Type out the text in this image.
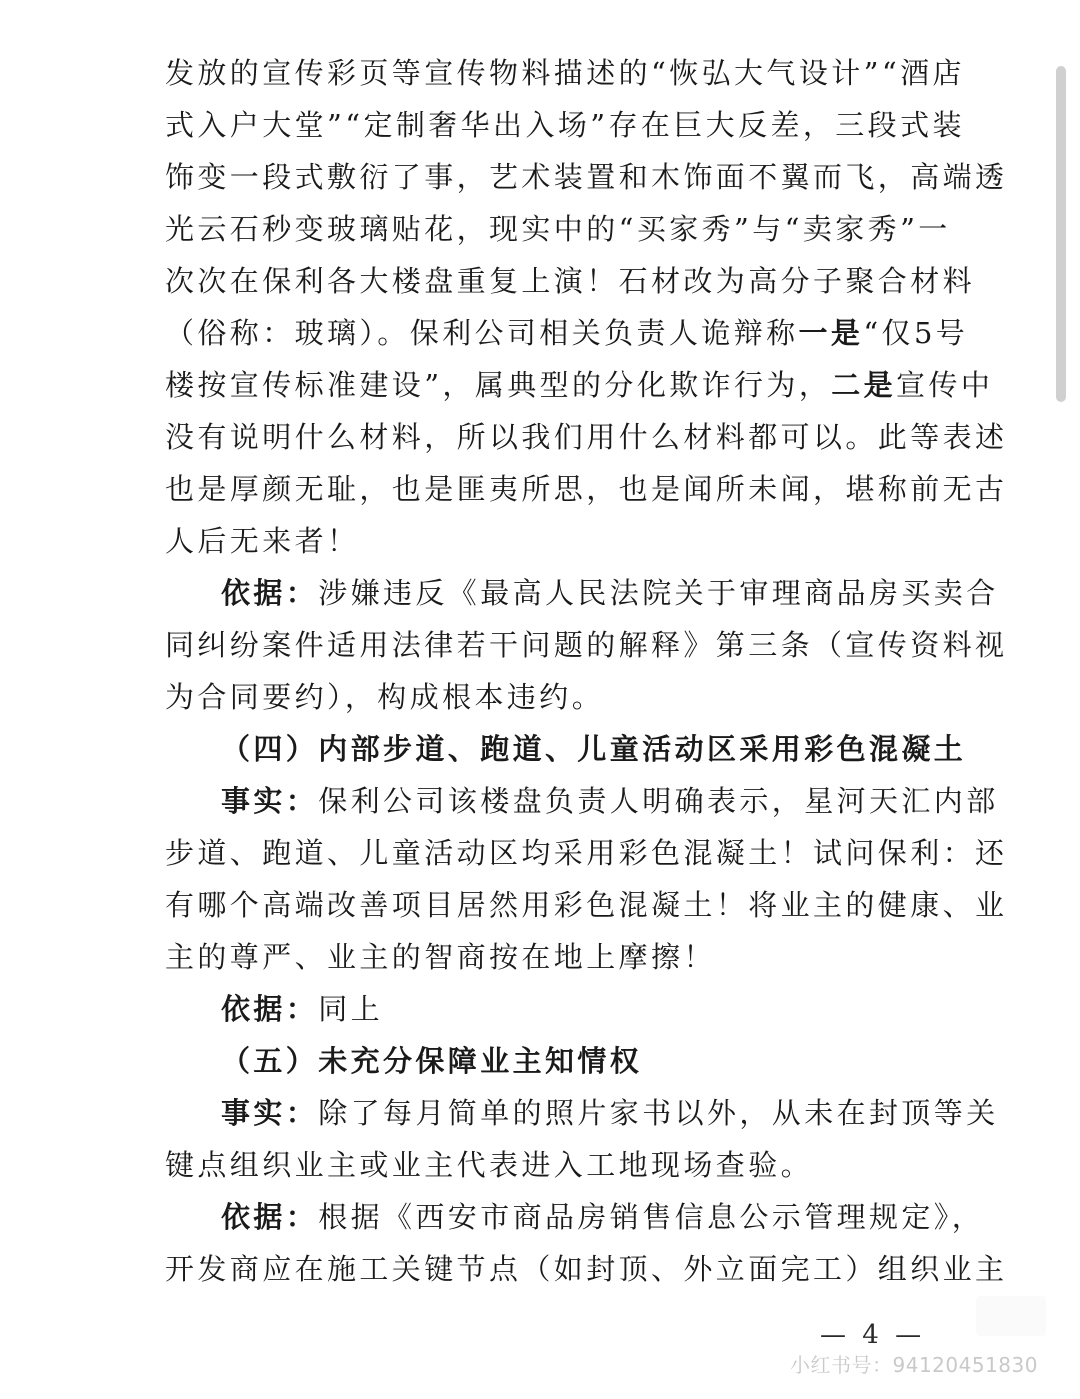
发放的宣传彩页等宣传物料描述的“恢弘大气设计”“酒店
式入户大堂”“定制奢华出入场”存在巨大反差，三段式装
饰变一段式敷衍了事，艺术装置和木饰面不翼而飞，高端透
光云石秒变玻璃贴花，现实中的“买家秀”与“卖家秀”一
次次在保利各大楼盘重复上演！石材改为高分子聚合材料
（俗称：玻璃）。保利公司相关负责人诡辩称一是“仅5号
楼按宣传标准建设”，属典型的分化欺诈行为，二是宣传中
没有说明什么材料，所以我们用什么材料都可以。此等表述
也是厚颜无耻，也是匪夷所思，也是闻所未闻，堪称前无古
人后无来者！
依据：涉嫌违反《最高人民法院关于审理商品房买卖合
同纠纷案件适用法律若干问题的解释》第三条（宣传资料视
为合同要约），构成根本违约。
（四）内部步道、跑道、儿童活动区采用彩色混凝土
事实：保利公司该楼盘负责人明确表示，星河天汇内部
步道、跑道、儿童活动区均采用彩色混凝土！试问保利：还
有哪个高端改善项目居然用彩色混凝土！将业主的健康、业
主的尊严、业主的智商按在地上摩擦！
依据：同上
（五）未充分保障业主知情权
事实：除了每月简单的照片家书以外，从未在封顶等关
键点组织业主或业主代表进入工地现场查验。
依据：根据《西安市商品房销售信息公示管理规定》，
开发商应在施工关键节点（如封顶、外立面完工）组织业主
— 4 —
小红书号：94120451830
